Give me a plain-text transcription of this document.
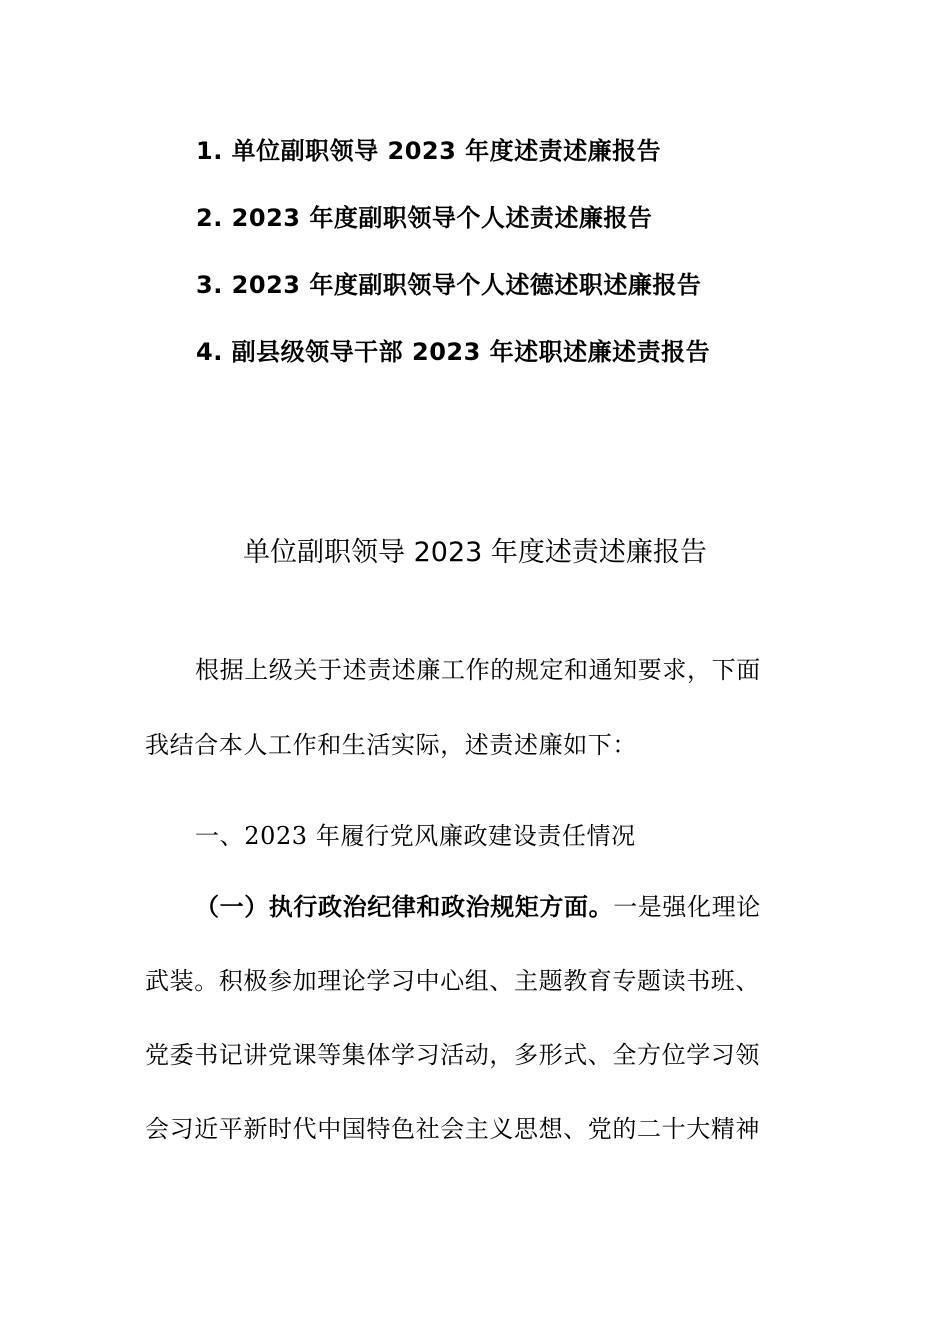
1. 单位副职领导 2023 年度述责述廉报告
2. 2023 年度副职领导个人述责述廉报告
3. 2023 年度副职领导个人述德述职述廉报告
4. 副县级领导干部 2023 年述职述廉述责报告
单位副职领导 2023 年度述责述廉报告
根据上级关于述责述廉工作的规定和通知要求，下面
我结合本人工作和生活实际，述责述廉如下：
一、2023 年履行党风廉政建设责任情况
（一）执行政治纪律和政治规矩方面。一是强化理论
武装。积极参加理论学习中心组、主题教育专题读书班、
党委书记讲党课等集体学习活动，多形式、全方位学习领
会习近平新时代中国特色社会主义思想、党的二十大精神
